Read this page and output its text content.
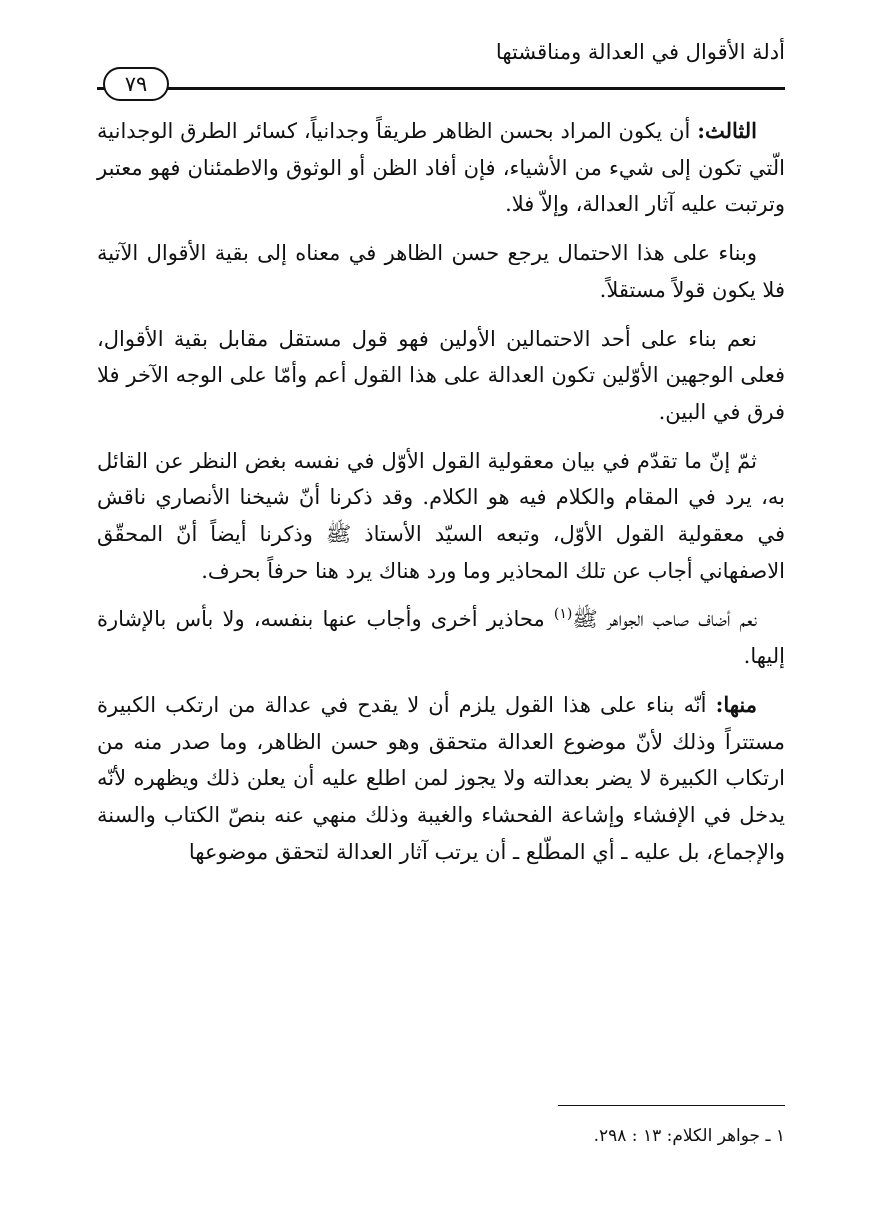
أدلة الأقوال في العدالة ومناقشتها
٧٩

الثالث: أن يكون المراد بحسن الظاهر طريقاً وجدانياً، كسائر الطرق الوجدانية الّتي تكون إلى شيء من الأشياء، فإن أفاد الظن أو الوثوق والاطمئنان فهو معتبر وترتبت عليه آثار العدالة، وإلاّ فلا.

وبناء على هذا الاحتمال يرجع حسن الظاهر في معناه إلى بقية الأقوال الآتية فلا يكون قولاً مستقلاً.

نعم بناء على أحد الاحتمالين الأولين فهو قول مستقل مقابل بقية الأقوال، فعلى الوجهين الأوّلين تكون العدالة على هذا القول أعم وأمّا على الوجه الآخر فلا فرق في البين.

ثمّ إنّ ما تقدّم في بيان معقولية القول الأوّل في نفسه بغض النظر عن القائل به، يرد في المقام والكلام فيه هو الكلام. وقد ذكرنا أنّ شيخنا الأنصاري ناقش في معقولية القول الأوّل، وتبعه السيّد الأستاذ ﷺ وذكرنا أيضاً أنّ المحقّق الاصفهاني أجاب عن تلك المحاذير وما ورد هناك يرد هنا حرفاً بحرف.

نعم أضاف صاحب الجواهر ﷺ$^{(١)}$ محاذير أخرى وأجاب عنها بنفسه، ولا بأس بالإشارة إليها.

منها: أنّه بناء على هذا القول يلزم أن لا يقدح في عدالة من ارتكب الكبيرة مستتراً وذلك لأنّ موضوع العدالة متحقق وهو حسن الظاهر، وما صدر منه من ارتكاب الكبيرة لا يضر بعدالته ولا يجوز لمن اطلع عليه أن يعلن ذلك ويظهره لأنّه يدخل في الإفشاء وإشاعة الفحشاء والغيبة وذلك منهي عنه بنصّ الكتاب والسنة والإجماع، بل عليه ـ أي المطّلع ـ أن يرتب آثار العدالة لتحقق موضوعها

١ ـ جواهر الكلام: ١٣ : ٢٩٨.
